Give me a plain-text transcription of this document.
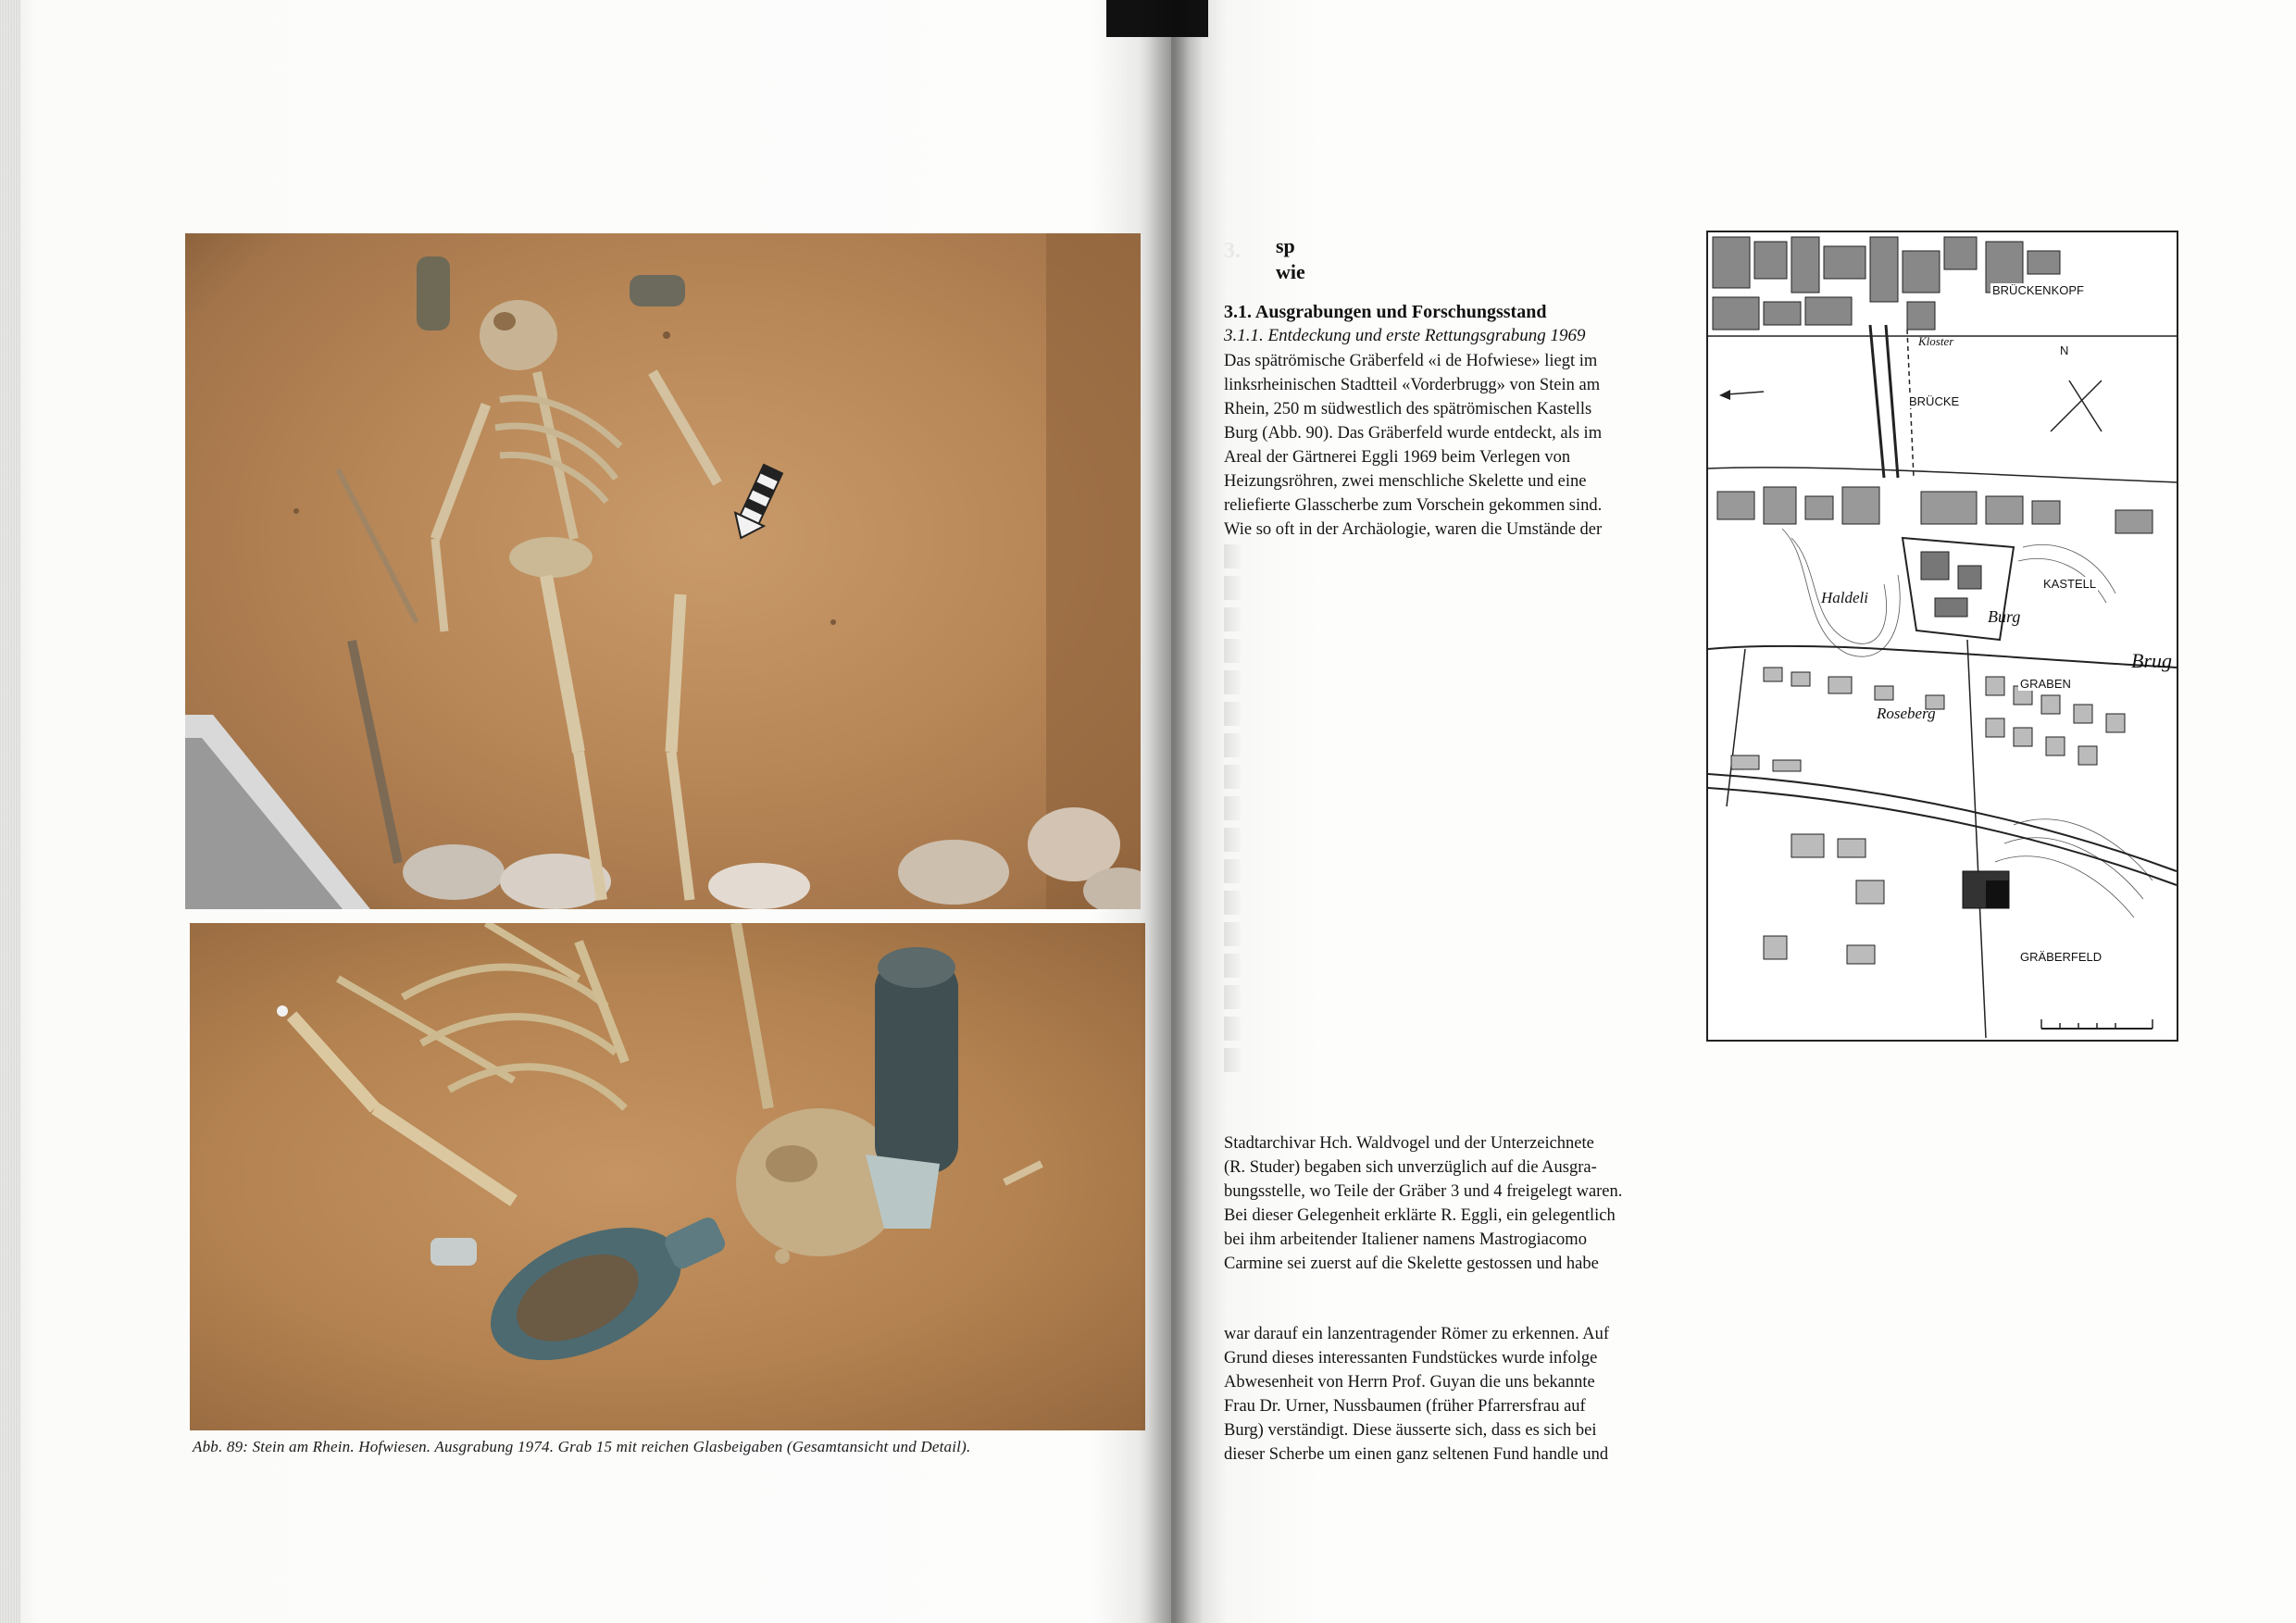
Abb. 89: Stein am Rhein. Hofwiesen. Ausgrabung 1974. Grab 15 mit reichen Glasbeigaben (Gesamtansicht und Detail).
3. sp
wie
3.1. Ausgrabungen und Forschungsstand
3.1.1. Entdeckung und erste Rettungsgrabung 1969

Das spätrömische Gräberfeld «i de Hofwiese» liegt im

linksrheinischen Stadtteil «Vorderbrugg» von Stein am

Rhein, 250 m südwestlich des spätrömischen Kastells

Burg (Abb. 90). Das Gräberfeld wurde entdeckt, als im

Areal der Gärtnerei Eggli 1969 beim Verlegen von

Heizungsröhren, zwei menschliche Skelette und eine

reliefierte Glasscherbe zum Vorschein gekommen sind.

Wie so oft in der Archäologie, waren die Umstände der

Stadtarchivar Hch. Waldvogel und der Unterzeichnete

(R. Studer) begaben sich unverzüglich auf die Ausgra-

bungsstelle, wo Teile der Gräber 3 und 4 freigelegt waren.

Bei dieser Gelegenheit erklärte R. Eggli, ein gelegentlich

bei ihm arbeitender Italiener namens Mastrogiacomo

Carmine sei zuerst auf die Skelette gestossen und habe

war darauf ein lanzentragender Römer zu erkennen. Auf

Grund dieses interessanten Fundstückes wurde infolge

Abwesenheit von Herrn Prof. Guyan die uns bekannte

Frau Dr. Urner, Nussbaumen (früher Pfarrersfrau auf

Burg) verständigt. Diese äusserte sich, dass es sich bei

dieser Scherbe um einen ganz seltenen Fund handle und

BRÜCKENKOPF
BRÜCKE
KASTELL
GRABEN
GRÄBERFELD
Burg
Brug
Roseberg
Haldeli
Kloster
N
